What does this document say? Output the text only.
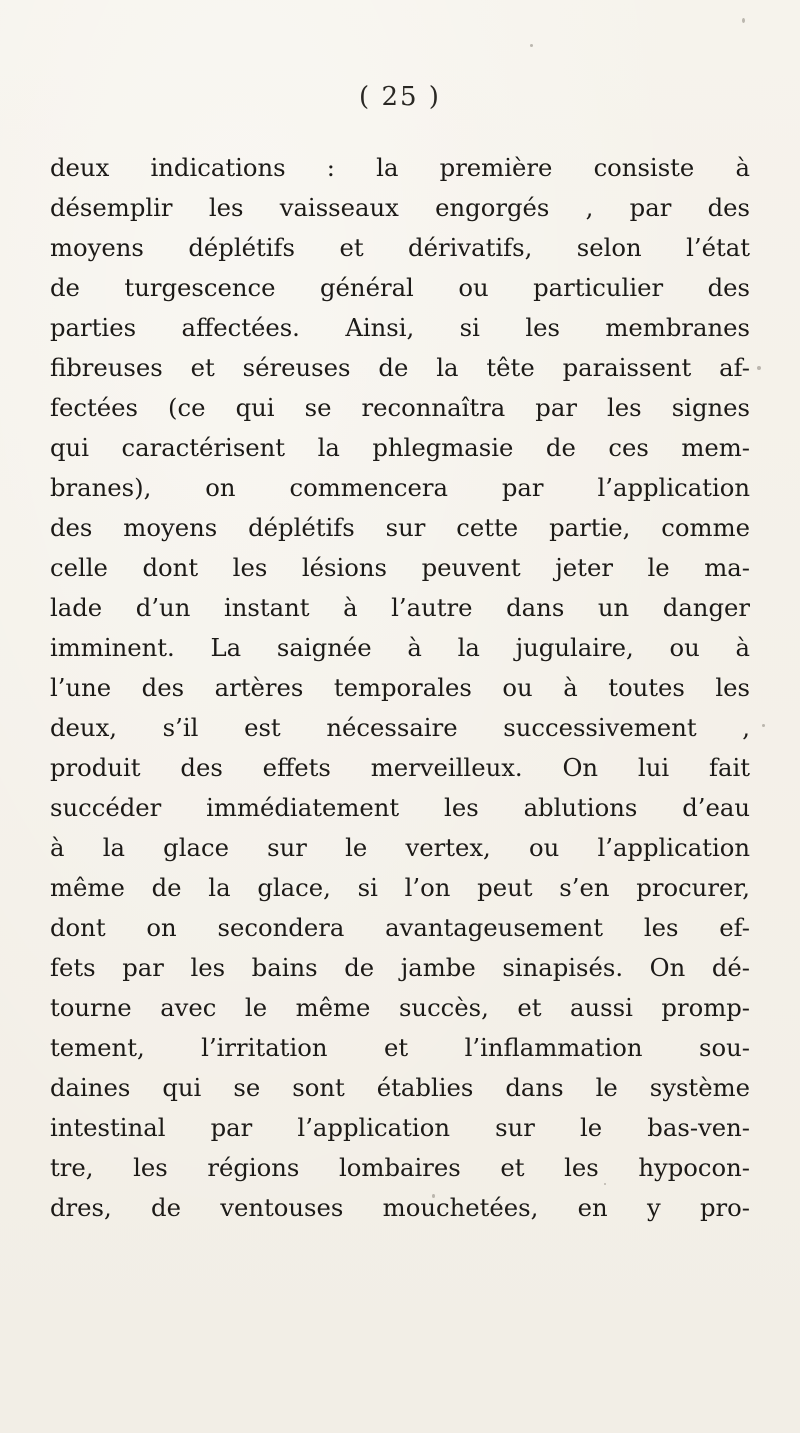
( 25 )
deux indications : la première consiste à
désemplir les vaisseaux engorgés , par des
moyens déplétifs et dérivatifs, selon l’état
de turgescence général ou particulier des
parties affectées. Ainsi, si les membranes
fibreuses et séreuses de la tête paraissent af-
fectées (ce qui se reconnaîtra par les signes
qui caractérisent la phlegmasie de ces mem-
branes), on commencera par l’application
des moyens déplétifs sur cette partie, comme
celle dont les lésions peuvent jeter le ma-
lade d’un instant à l’autre dans un danger
imminent. La saignée à la jugulaire, ou à
l’une des artères temporales ou à toutes les
deux, s’il est nécessaire successivement ,
produit des effets merveilleux. On lui fait
succéder immédiatement les ablutions d’eau
à la glace sur le vertex, ou l’application
même de la glace, si l’on peut s’en procurer,
dont on secondera avantageusement les ef-
fets par les bains de jambe sinapisés. On dé-
tourne avec le même succès, et aussi promp-
tement, l’irritation et l’inflammation sou-
daines qui se sont établies dans le système
intestinal par l’application sur le bas-ven-
tre, les régions lombaires et les hypocon-
dres, de ventouses mouchetées, en y pro-
